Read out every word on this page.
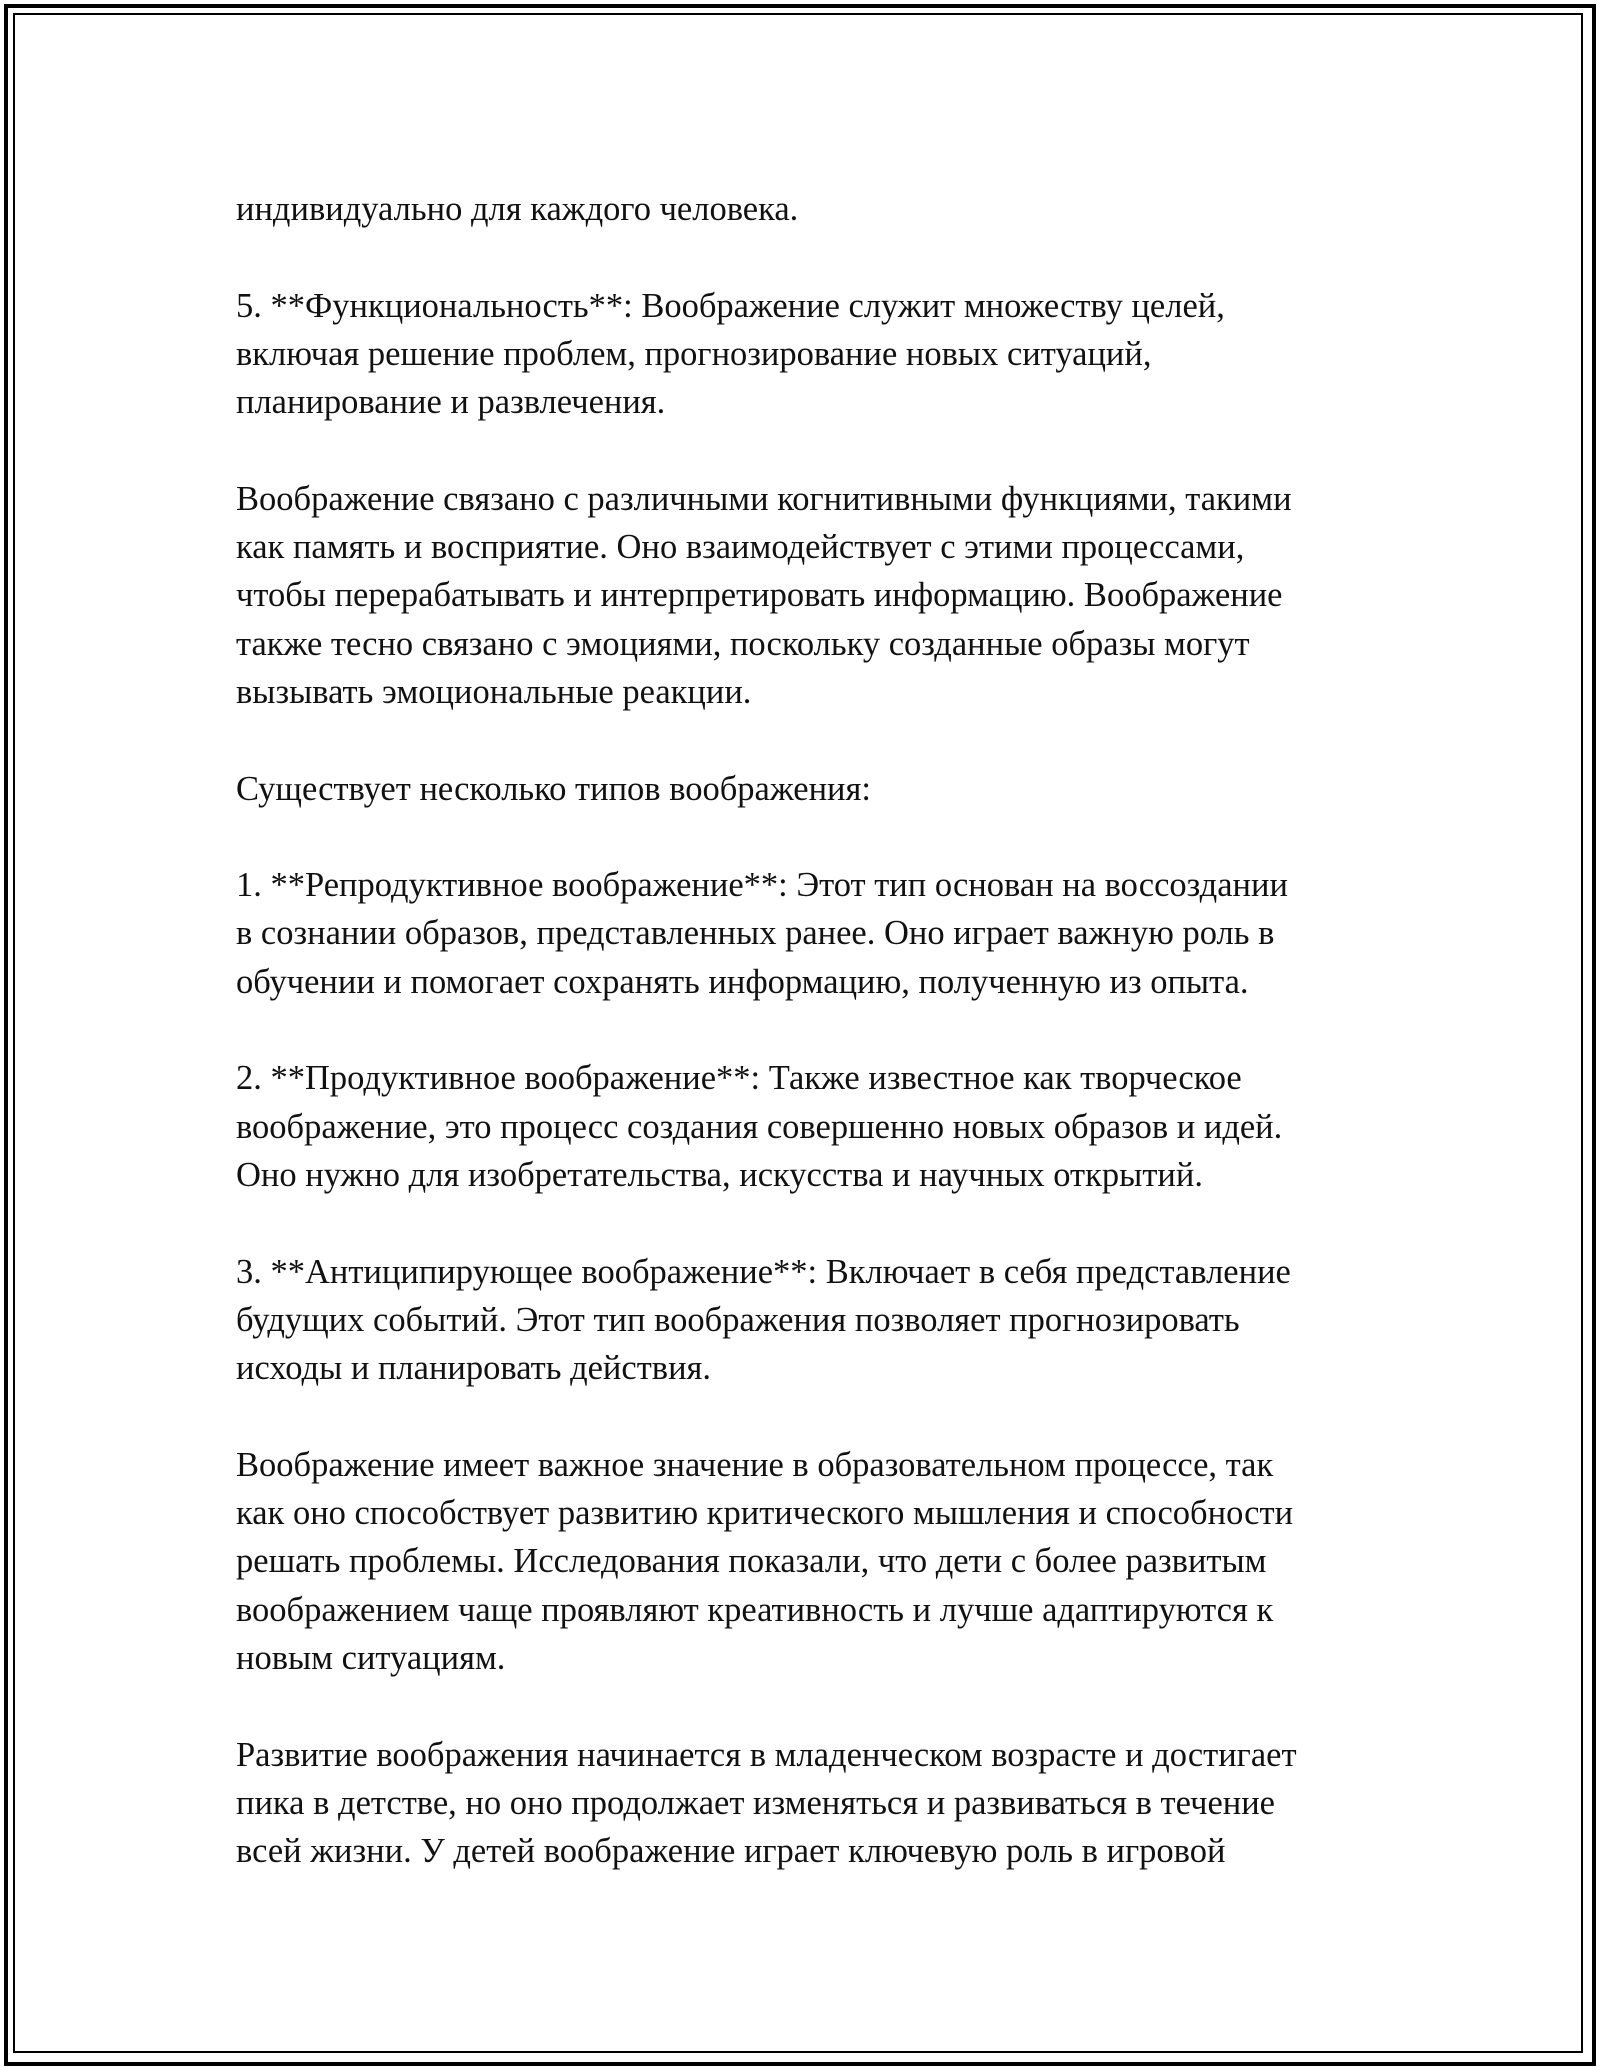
индивидуально для каждого человека.

5. **Функциональность**: Воображение служит множеству целей,
включая решение проблем, прогнозирование новых ситуаций,
планирование и развлечения.

Воображение связано с различными когнитивными функциями, такими
как память и восприятие. Оно взаимодействует с этими процессами,
чтобы перерабатывать и интерпретировать информацию. Воображение
также тесно связано с эмоциями, поскольку созданные образы могут
вызывать эмоциональные реакции.

Существует несколько типов воображения:

1. **Репродуктивное воображение**: Этот тип основан на воссоздании
в сознании образов, представленных ранее. Оно играет важную роль в
обучении и помогает сохранять информацию, полученную из опыта.

2. **Продуктивное воображение**: Также известное как творческое
воображение, это процесс создания совершенно новых образов и идей.
Оно нужно для изобретательства, искусства и научных открытий.

3. **Антиципирующее воображение**: Включает в себя представление
будущих событий. Этот тип воображения позволяет прогнозировать
исходы и планировать действия.

Воображение имеет важное значение в образовательном процессе, так
как оно способствует развитию критического мышления и способности
решать проблемы. Исследования показали, что дети с более развитым
воображением чаще проявляют креативность и лучше адаптируются к
новым ситуациям.

Развитие воображения начинается в младенческом возрасте и достигает
пика в детстве, но оно продолжает изменяться и развиваться в течение
всей жизни. У детей воображение играет ключевую роль в игровой
